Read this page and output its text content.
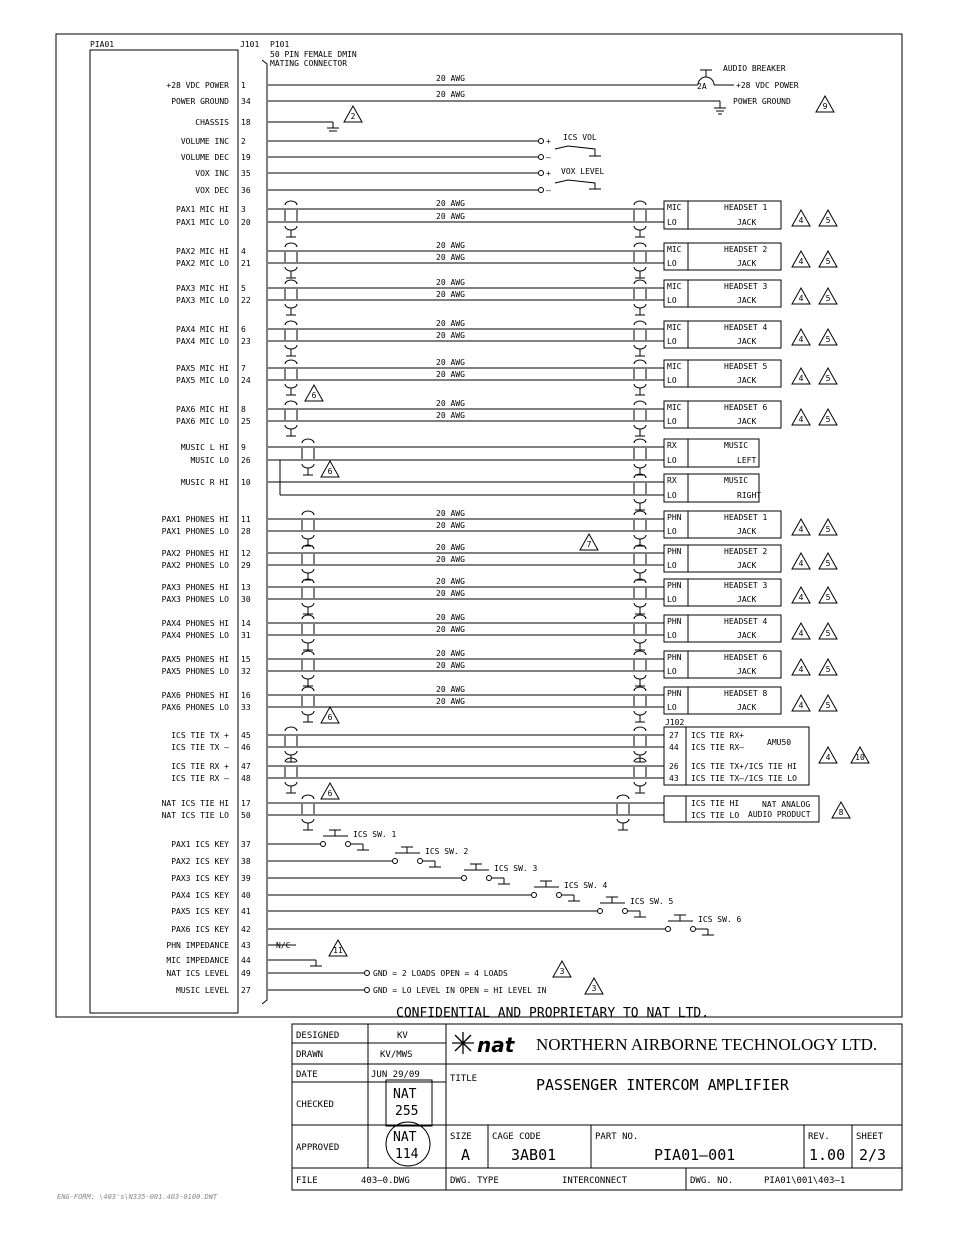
PIA01	J101 P101
50 PIN FEMALE DMIN
MATING CONNECTOR
AUDIO BREAKER
2A	+28 VDC POWER
POWER GROUND
+
–
+
–
ICS VOL
VOX LEVEL
N/C
GND = 2 LOADS OPEN = 4 LOADS
GND = LO LEVEL IN OPEN = HI LEVEL IN
CONFIDENTIAL AND PROPRIETARY TO NAT LTD.
DESIGNED	KV
DRAWN	KV/MWS
DATE	JUN 29/09
CHECKED
NAT
255
APPROVED
NAT
114
nat NORTHERN AIRBORNE TECHNOLOGY LTD.
TITLE	PASSENGER INTERCOM AMPLIFIER
SIZE
A
CAGE CODE
3AB01
PART NO.
PIA01–001
REV.
1.00
SHEET
2/3
FILE	403–0.DWG	DWG. TYPE	INTERCONNECT	DWG. NO.	PIA01\001\403–1
ENG-FORM: \403's\N335-001.403-0100.DWT
+28 VDC POWER 1
20 AWG
POWER GROUND 34
20 AWG
CHASSIS 18
VOLUME INC 2
VOLUME DEC 19
VOX INC 35
VOX DEC 36
PAX1 MIC HI 3
PAX1 MIC LO 20
PAX2 MIC HI 4
PAX2 MIC LO 21
PAX3 MIC HI 5
PAX3 MIC LO 22
PAX4 MIC HI 6
PAX4 MIC LO 23
PAX5 MIC HI 7
PAX5 MIC LO 24
PAX6 MIC HI 8
PAX6 MIC LO 25
MUSIC L HI 9
MUSIC LO 26
MUSIC R HI 10
PAX1 PHONES HI 11
PAX1 PHONES LO 28
PAX2 PHONES HI 12
PAX2 PHONES LO 29
PAX3 PHONES HI 13
PAX3 PHONES LO 30
PAX4 PHONES HI 14
PAX4 PHONES LO 31
PAX5 PHONES HI 15
PAX5 PHONES LO 32
PAX6 PHONES HI 16
PAX6 PHONES LO 33
ICS TIE TX + 45
ICS TIE TX – 46
ICS TIE RX + 47
ICS TIE RX – 48
NAT ICS TIE HI 17
NAT ICS TIE LO 50
PAX1 ICS KEY 37
PAX2 ICS KEY 38
PAX3 ICS KEY 39
PAX4 ICS KEY 40
PAX5 ICS KEY 41
PAX6 ICS KEY 42
PHN IMPEDANCE 43
MIC IMPEDANCE 44
NAT ICS LEVEL 49
MUSIC LEVEL 27
20 AWG
20 AWG
MIC
LO
HEADSET 1
JACK	4	5
20 AWG
20 AWG
MIC
LO
HEADSET 2
JACK	4	5
20 AWG
20 AWG
MIC
LO
HEADSET 3
JACK	4	5
20 AWG
20 AWG
MIC
LO
HEADSET 4
JACK	4	5
20 AWG
20 AWG
MIC
LO
HEADSET 5
JACK	4	5
20 AWG
20 AWG
MIC
LO
HEADSET 6
JACK	4	5
20 AWG
20 AWG
PHN
LO
HEADSET 1
JACK	4	5
20 AWG
20 AWG
PHN
LO
HEADSET 2
JACK	4	5
20 AWG
20 AWG
PHN
LO
HEADSET 3
JACK	4	5
20 AWG
20 AWG
PHN
LO
HEADSET 4
JACK	4	5
20 AWG
20 AWG
PHN
LO
HEADSET 6
JACK	4	5
20 AWG
20 AWG
PHN
LO
HEADSET 8
JACK	4	5
RX
LO
MUSIC
LEFT
RX
LO
MUSIC
RIGHT
J102
27 ICS TIE RX+
44 ICS TIE RX–
26 ICS TIE TX+/ICS TIE HI
43 ICS TIE TX–/ICS TIE LO
AMU50
4	10
ICS TIE HI
ICS TIE LO
NAT ANALOG
AUDIO PRODUCT	8
ICS SW. 1
ICS SW. 2
ICS SW. 3
ICS SW. 4
ICS SW. 5
ICS SW. 6
2
3
3
9
6
6
6
6
7
11
